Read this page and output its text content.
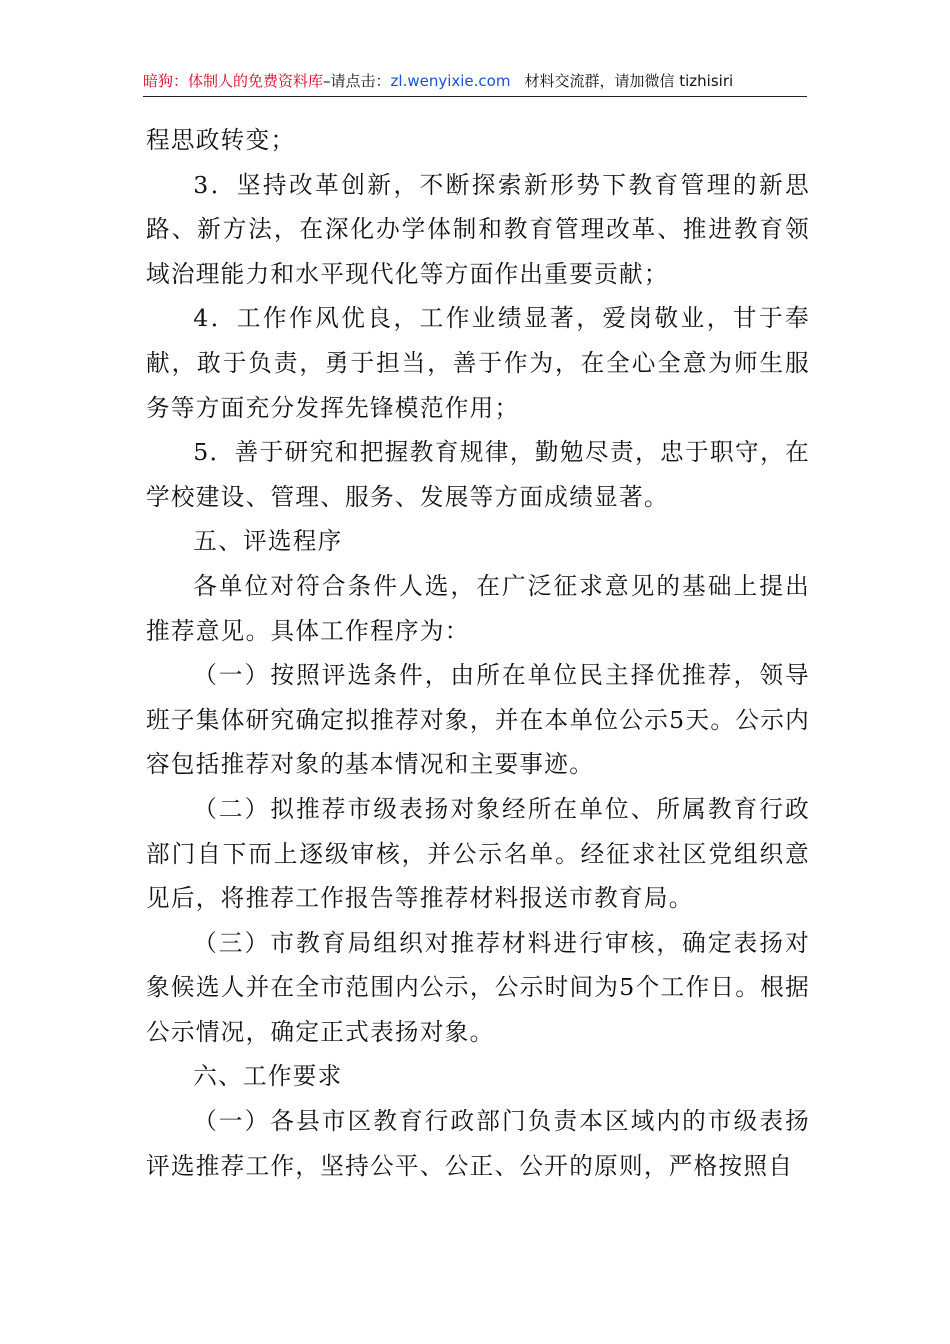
暗狗：体制人的免费资料库–请点击：zl.wenyixie.com 材料交流群，请加微信 tizhisiri

程思政转变；

3．坚持改革创新，不断探索新形势下教育管理的新思路、新方法，在深化办学体制和教育管理改革、推进教育领域治理能力和水平现代化等方面作出重要贡献；

4．工作作风优良，工作业绩显著，爱岗敬业，甘于奉献，敢于负责，勇于担当，善于作为，在全心全意为师生服务等方面充分发挥先锋模范作用；

5．善于研究和把握教育规律，勤勉尽责，忠于职守，在学校建设、管理、服务、发展等方面成绩显著。

五、评选程序

各单位对符合条件人选，在广泛征求意见的基础上提出推荐意见。具体工作程序为：

（一）按照评选条件，由所在单位民主择优推荐，领导班子集体研究确定拟推荐对象，并在本单位公示5天。公示内容包括推荐对象的基本情况和主要事迹。

（二）拟推荐市级表扬对象经所在单位、所属教育行政部门自下而上逐级审核，并公示名单。经征求社区党组织意见后，将推荐工作报告等推荐材料报送市教育局。

（三）市教育局组织对推荐材料进行审核，确定表扬对象候选人并在全市范围内公示，公示时间为5个工作日。根据公示情况，确定正式表扬对象。

六、工作要求

（一）各县市区教育行政部门负责本区域内的市级表扬评选推荐工作，坚持公平、公正、公开的原则，严格按照自
